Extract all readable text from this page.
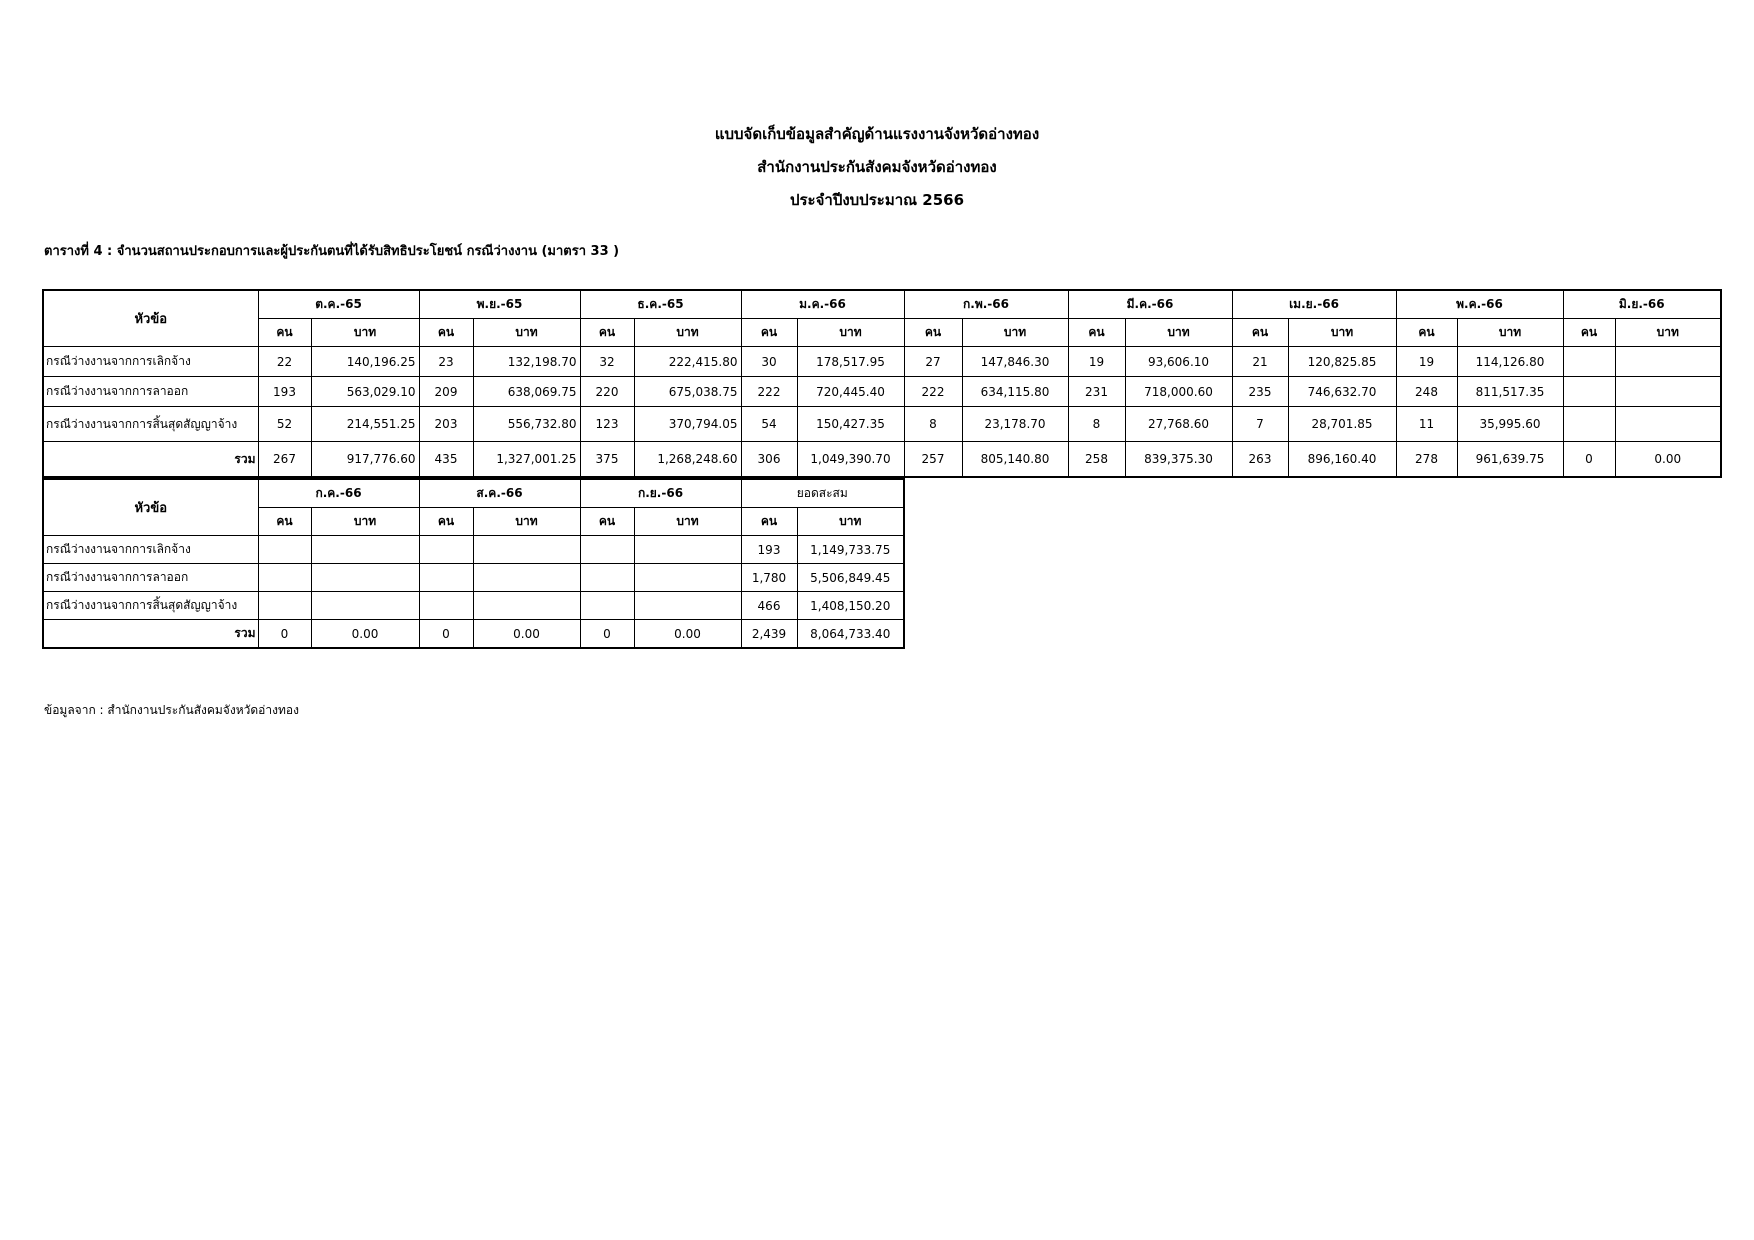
แบบจัดเก็บข้อมูลสำคัญด้านแรงงานจังหวัดอ่างทอง
สำนักงานประกันสังคมจังหวัดอ่างทอง
ประจำปีงบประมาณ 2566
ตารางที่ 4 : จำนวนสถานประกอบการและผู้ประกันตนที่ได้รับสิทธิประโยชน์ กรณีว่างงาน (มาตรา 33 )
หัวข้อ	ต.ค.-65		พ.ย.-65		ธ.ค.-65		ม.ค.-66		ก.พ.-66		มี.ค.-66		เม.ย.-66		พ.ค.-66		มิ.ย.-66	
	คน	บาท	คน	บาท	คน	บาท	คน	บาท	คน	บาท	คน	บาท	คน	บาท	คน	บาท	คน	บาท
กรณีว่างงานจากการเลิกจ้าง	22	140,196.25	23	132,198.70	32	222,415.80	30	178,517.95	27	147,846.30	19	93,606.10	21	120,825.85	19	114,126.80		
กรณีว่างงานจากการลาออก	193	563,029.10	209	638,069.75	220	675,038.75	222	720,445.40	222	634,115.80	231	718,000.60	235	746,632.70	248	811,517.35		
กรณีว่างงานจากการสิ้นสุดสัญญาจ้าง	52	214,551.25	203	556,732.80	123	370,794.05	54	150,427.35	8	23,178.70	8	27,768.60	7	28,701.85	11	35,995.60		
รวม	267	917,776.60	435	1,327,001.25	375	1,268,248.60	306	1,049,390.70	257	805,140.80	258	839,375.30	263	896,160.40	278	961,639.75	0	0.00
หัวข้อ	ก.ค.-66		ส.ค.-66		ก.ย.-66		ยอดสะสม	
	คน	บาท	คน	บาท	คน	บาท	คน	บาท
กรณีว่างงานจากการเลิกจ้าง							193	1,149,733.75
กรณีว่างงานจากการลาออก							1,780	5,506,849.45
กรณีว่างงานจากการสิ้นสุดสัญญาจ้าง							466	1,408,150.20
รวม	0	0.00	0	0.00	0	0.00	2,439	8,064,733.40
ข้อมูลจาก : สำนักงานประกันสังคมจังหวัดอ่างทอง
